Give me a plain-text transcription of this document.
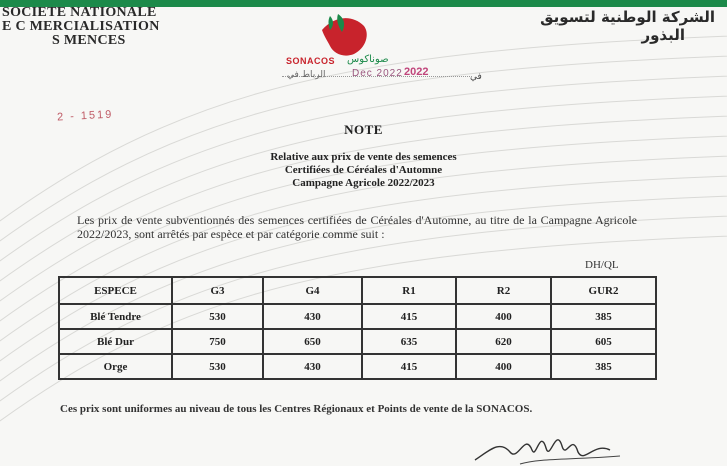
SOCIETE NATIONALE
E C MERCIALISATION
S MENCES
الشركة الوطنية لتسويق
البذور
SONACOS صوناكوس
الرباط في	Dec 2022 2022	في
2 - 1519
NOTE
Relative aux prix de vente des semences
Certifiées de Céréales d'Automne
Campagne Agricole 2022/2023
Les prix de vente subventionnés des semences certifiées de Céréales d'Automne, au titre de la Campagne Agricole 2022/2023, sont arrêtés par espèce et par catégorie comme suit :
DH/QL
ESPECE	G3	G4	R1	R2	GUR2
Blé Tendre	530	430	415	400	385
Blé Dur	750	650	635	620	605
Orge	530	430	415	400	385
Ces prix sont uniformes au niveau de tous les Centres Régionaux et Points de vente de la SONACOS.
